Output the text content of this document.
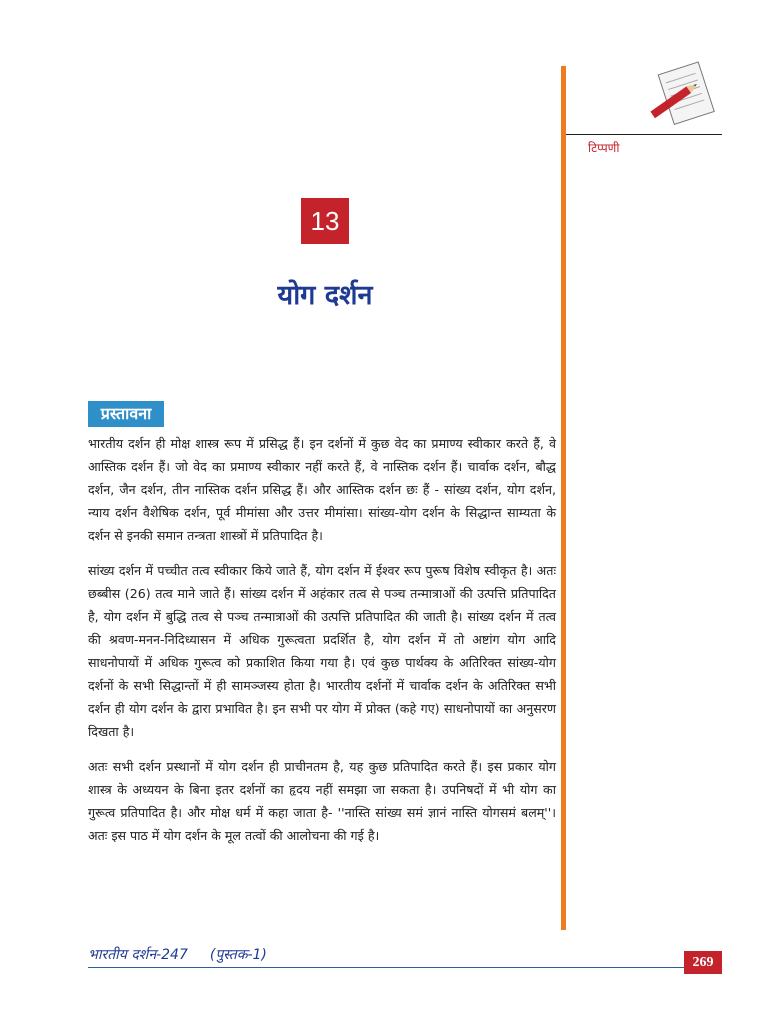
टिप्पणी
13
योग दर्शन
प्रस्तावना

भारतीय दर्शन ही मोक्ष शास्त्र रूप में प्रसिद्ध हैं। इन दर्शनों में कुछ वेद का प्रमाण्य स्वीकार करते हैं, वे आस्तिक दर्शन हैं। जो वेद का प्रमाण्य स्वीकार नहीं करते हैं, वे नास्तिक दर्शन हैं। चार्वाक दर्शन, बौद्ध दर्शन, जैन दर्शन, तीन नास्तिक दर्शन प्रसिद्ध हैं। और आस्तिक दर्शन छः हैं - सांख्य दर्शन, योग दर्शन, न्याय दर्शन वैशेषिक दर्शन, पूर्व मीमांसा और उत्तर मीमांसा। सांख्य-योग दर्शन के सिद्धान्त साम्यता के दर्शन से इनकी समान तन्त्रता शास्त्रों में प्रतिपादित है।

सांख्य दर्शन में पच्चीत तत्व स्वीकार किये जाते हैं, योग दर्शन में ईश्वर रूप पुरूष विशेष स्वीकृत है। अतः छब्बीस (26) तत्व माने जाते हैं। सांख्य दर्शन में अहंकार तत्व से पञ्च तन्मात्राओं की उत्पत्ति प्रतिपादित है, योग दर्शन में बुद्धि तत्व से पञ्च तन्मात्राओं की उत्पत्ति प्रतिपादित की जाती है। सांख्य दर्शन में तत्व की श्रवण-मनन-निदिध्यासन में अधिक गुरूत्वता प्रदर्शित है, योग दर्शन में तो अष्टांग योग आदि साधनोपायों में अधिक गुरूत्व को प्रकाशित किया गया है। एवं कुछ पार्थक्य के अतिरिक्त सांख्य-योग दर्शनों के सभी सिद्धान्तों में ही सामञ्जस्य होता है। भारतीय दर्शनों में चार्वाक दर्शन के अतिरिक्त सभी दर्शन ही योग दर्शन के द्वारा प्रभावित है। इन सभी पर योग में प्रोक्त (कहे गए) साधनोपायों का अनुसरण दिखता है।

अतः सभी दर्शन प्रस्थानों में योग दर्शन ही प्राचीनतम है, यह कुछ प्रतिपादित करते हैं। इस प्रकार योग शास्त्र के अध्ययन के बिना इतर दर्शनों का हृदय नहीं समझा जा सकता है। उपनिषदों में भी योग का गुरूत्व प्रतिपादित है। और मोक्ष धर्म में कहा जाता है- ''नास्ति सांख्य समं ज्ञानं नास्ति योगसमं बलम्''। अतः इस पाठ में योग दर्शन के मूल तत्वों की आलोचना की गई है।

भारतीय दर्शन-247 (पुस्तक-1)	269
